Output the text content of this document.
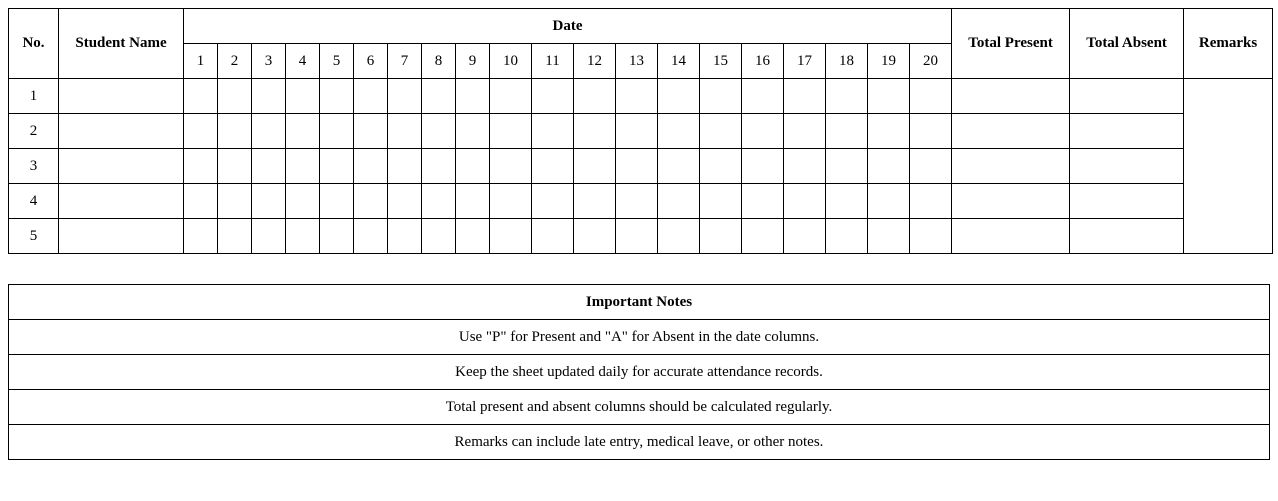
No.	Student Name	Date																				Total Present	Total Absent	Remarks
		1	2	3	4	5	6	7	8	9	10	11	12	13	14	15	16	17	18	19	20			
1																								
2																								
3																								
4																								
5																								
Important Notes
Use "P" for Present and "A" for Absent in the date columns.
Keep the sheet updated daily for accurate attendance records.
Total present and absent columns should be calculated regularly.
Remarks can include late entry, medical leave, or other notes.
